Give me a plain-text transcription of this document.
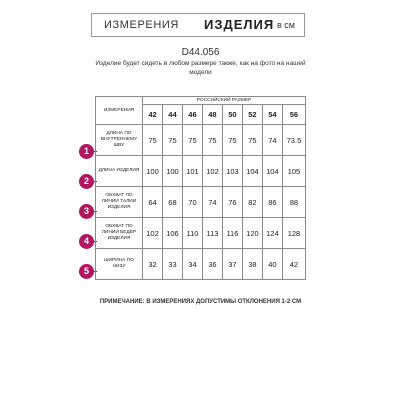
ИЗМЕРЕНИЯ ИЗДЕЛИЯ в см
D44.056
Изделие будет сидеть в любом размере также, как на фото на нашей модели
1
2
3
4
5
ИЗМЕРЕНИЯ	РОССИЙСКИЙ РАЗМЕР							
	42	44	46	48	50	52	54	56
ДЛИНА ПО ВНУТРЕННЕМУ ШВУ	75	75	75	75	75	75	74	73.5
ДЛИНА ИЗДЕЛИЯ	100	100	101	102	103	104	104	105
ОБХВАТ ПО ЛИНИИ ТАЛИИ ИЗДЕЛИЯ	64	68	70	74	76	82	86	88
ОБХВАТ ПО ЛИНИИ БЕДЕР ИЗДЕЛИЯ	102	106	110	113	116	120	124	128
ШИРИНА ПО НИЗУ	32	33	34	36	37	38	40	42
ПРИМЕЧАНИЕ: В ИЗМЕРЕНИЯХ ДОПУСТИМЫ ОТКЛОНЕНИЯ 1-2 СМ
